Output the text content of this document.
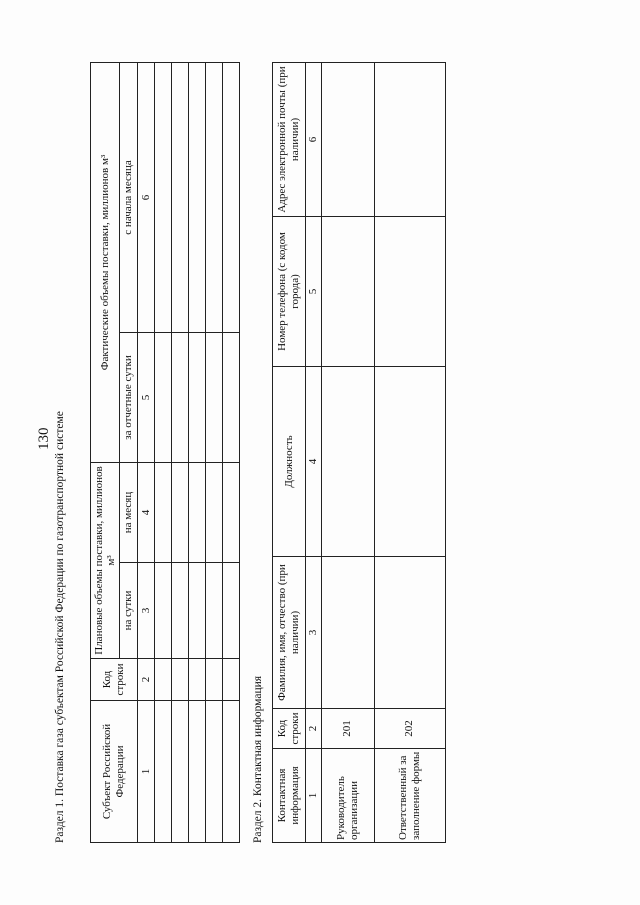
130 Раздел 1. Поставка газа субъектам Российской Федерации по газотранспортной системе	Субъект Российской Федерации	Код строки	Плановые объемы поставки, миллионов м³		Фактические объемы поставки, миллионов м³	
		на сутки	на месяц	за отчетные сутки	с начала месяца
1	2	3	4	5	6

Раздел 2. Контактная информация Контактная информация	Код строки	Фамилия, имя, отчество (при наличии)	Должность	Номер телефона (с кодом города)	Адрес электронной почты (при наличии)
1	2	3	4	5	6
Руководитель организации	201				
Ответственный за заполнение формы	202				
